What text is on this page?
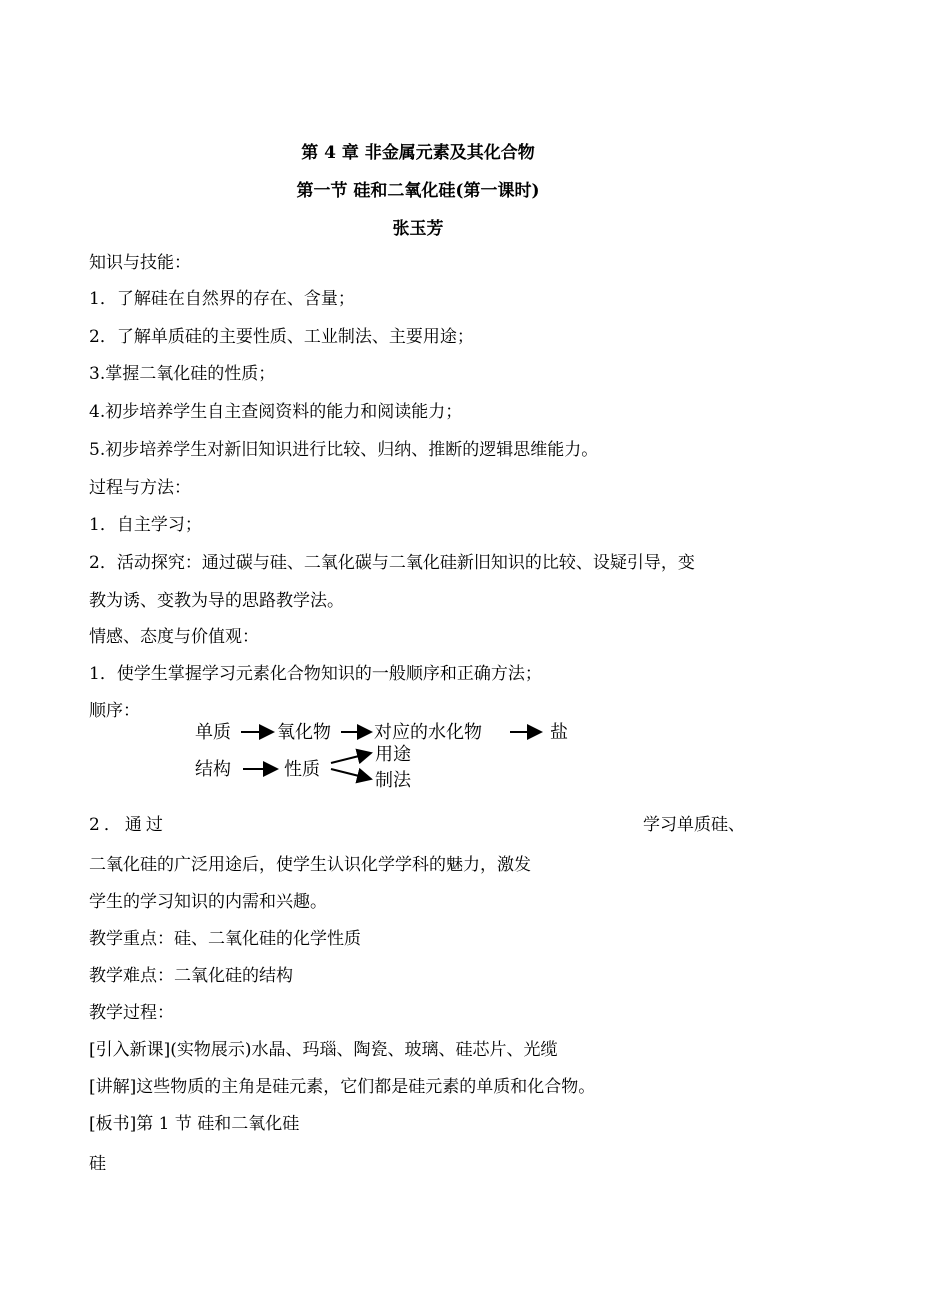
第 4 章 非金属元素及其化合物
第一节 硅和二氧化硅(第一课时)
张玉芳
知识与技能：
1．了解硅在自然界的存在、含量；
2．了解单质硅的主要性质、工业制法、主要用途；
3.掌握二氧化硅的性质；
4.初步培养学生自主查阅资料的能力和阅读能力；
5.初步培养学生对新旧知识进行比较、归纳、推断的逻辑思维能力。
过程与方法：
1．自主学习；
2．活动探究：通过碳与硅、二氧化碳与二氧化硅新旧知识的比较、设疑引导，变
教为诱、变教为导的思路教学法。
情感、态度与价值观：
1．使学生掌握学习元素化合物知识的一般顺序和正确方法；
顺序：
单质	氧化物 对应的水化物	盐
结构	性质
用途
制法
2．通过	学习单质硅、
二氧化硅的广泛用途后，使学生认识化学学科的魅力，激发
学生的学习知识的内需和兴趣。
教学重点：硅、二氧化硅的化学性质
教学难点：二氧化硅的结构
教学过程：
[引入新课](实物展示)水晶、玛瑙、陶瓷、玻璃、硅芯片、光缆
[讲解]这些物质的主角是硅元素，它们都是硅元素的单质和化合物。
[板书]第 1 节 硅和二氧化硅
硅
